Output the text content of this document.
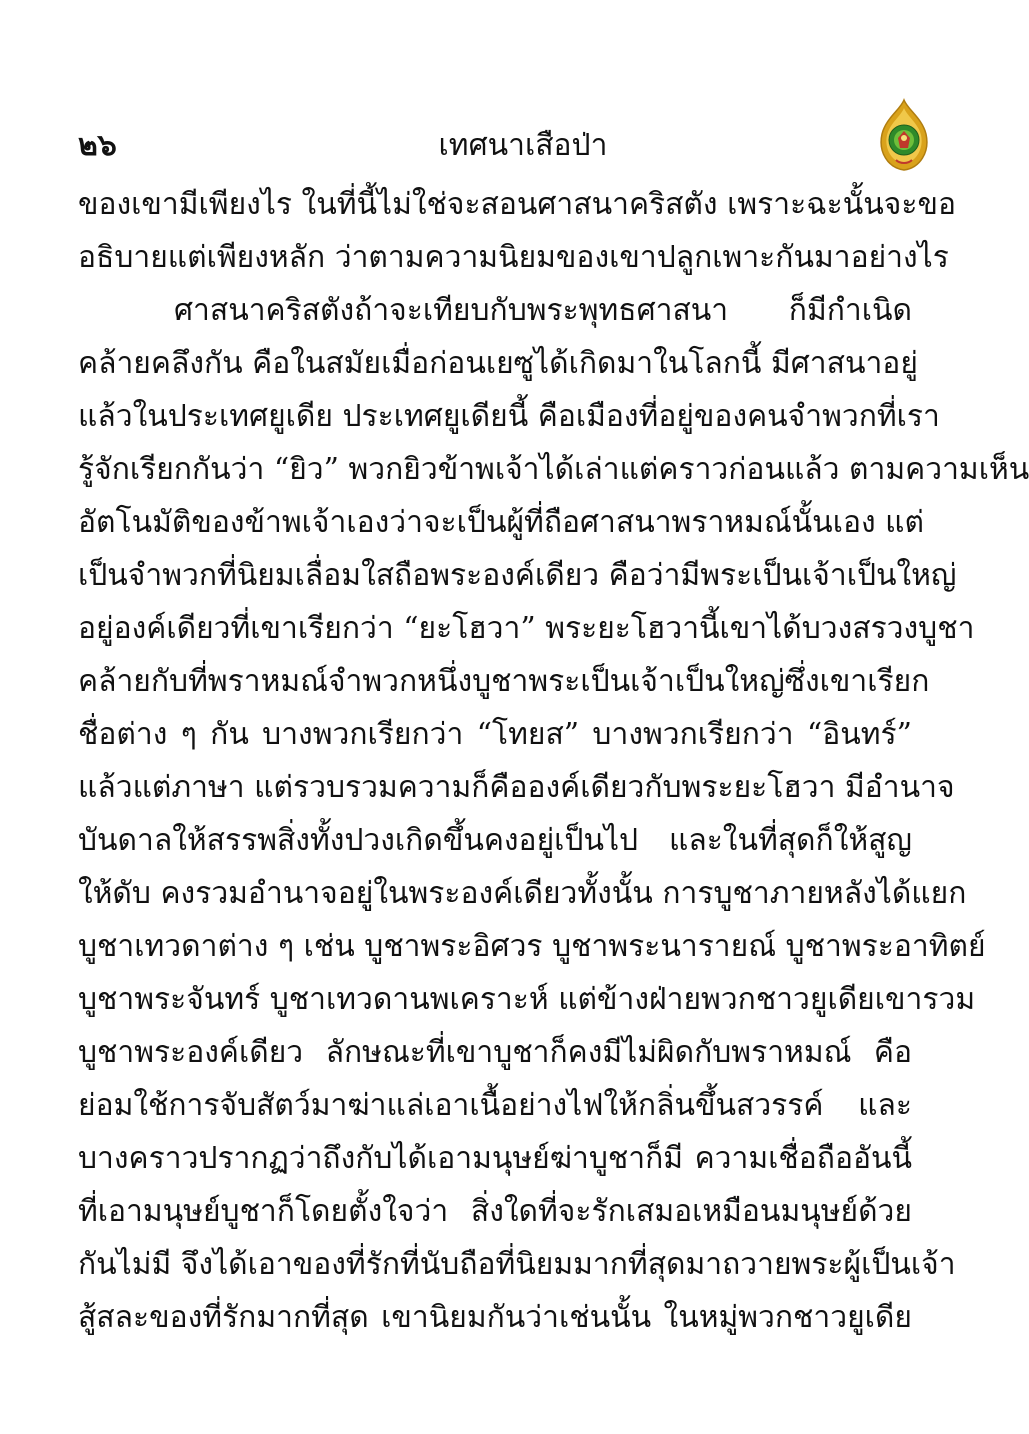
๒๖	เทศนาเสือป่า
ของเขามีเพียงไร ในที่นี้ไม่ใช่จะสอนศาสนาคริสตัง เพราะฉะนั้นจะขอ
อธิบายแต่เพียงหลัก ว่าตามความนิยมของเขาปลูกเพาะกันมาอย่างไร
ศาสนาคริสตังถ้าจะเทียบกับพระพุทธศาสนา ก็มีกำเนิด
คล้ายคลึงกัน คือในสมัยเมื่อก่อนเยซูได้เกิดมาในโลกนี้ มีศาสนาอยู่
แล้วในประเทศยูเดีย ประเทศยูเดียนี้ คือเมืองที่อยู่ของคนจำพวกที่เรา
รู้จักเรียกกันว่า “ยิว” พวกยิวข้าพเจ้าได้เล่าแต่คราวก่อนแล้ว ตามความเห็น
อัตโนมัติของข้าพเจ้าเองว่าจะเป็นผู้ที่ถือศาสนาพราหมณ์นั้นเอง แต่
เป็นจำพวกที่นิยมเลื่อมใสถือพระองค์เดียว คือว่ามีพระเป็นเจ้าเป็นใหญ่
อยู่องค์เดียวที่เขาเรียกว่า “ยะโฮวา” พระยะโฮวานี้เขาได้บวงสรวงบูชา
คล้ายกับที่พราหมณ์จำพวกหนึ่งบูชาพระเป็นเจ้าเป็นใหญ่ซึ่งเขาเรียก
ชื่อต่าง ๆ กัน บางพวกเรียกว่า “โทยส” บางพวกเรียกว่า “อินทร์”
แล้วแต่ภาษา แต่รวบรวมความก็คือองค์เดียวกับพระยะโฮวา มีอำนาจ
บันดาลให้สรรพสิ่งทั้งปวงเกิดขึ้นคงอยู่เป็นไป และในที่สุดก็ให้สูญ
ให้ดับ คงรวมอำนาจอยู่ในพระองค์เดียวทั้งนั้น การบูชาภายหลังได้แยก
บูชาเทวดาต่าง ๆ เช่น บูชาพระอิศวร บูชาพระนารายณ์ บูชาพระอาทิตย์
บูชาพระจันทร์ บูชาเทวดานพเคราะห์ แต่ข้างฝ่ายพวกชาวยูเดียเขารวม
บูชาพระองค์เดียว ลักษณะที่เขาบูชาก็คงมีไม่ผิดกับพราหมณ์ คือ
ย่อมใช้การจับสัตว์มาฆ่าแล่เอาเนื้อย่างไฟให้กลิ่นขึ้นสวรรค์ และ
บางคราวปรากฏว่าถึงกับได้เอามนุษย์ฆ่าบูชาก็มี ความเชื่อถืออันนี้
ที่เอามนุษย์บูชาก็โดยตั้งใจว่า สิ่งใดที่จะรักเสมอเหมือนมนุษย์ด้วย
กันไม่มี จึงได้เอาของที่รักที่นับถือที่นิยมมากที่สุดมาถวายพระผู้เป็นเจ้า
สู้สละของที่รักมากที่สุด เขานิยมกันว่าเช่นนั้น ในหมู่พวกชาวยูเดีย
